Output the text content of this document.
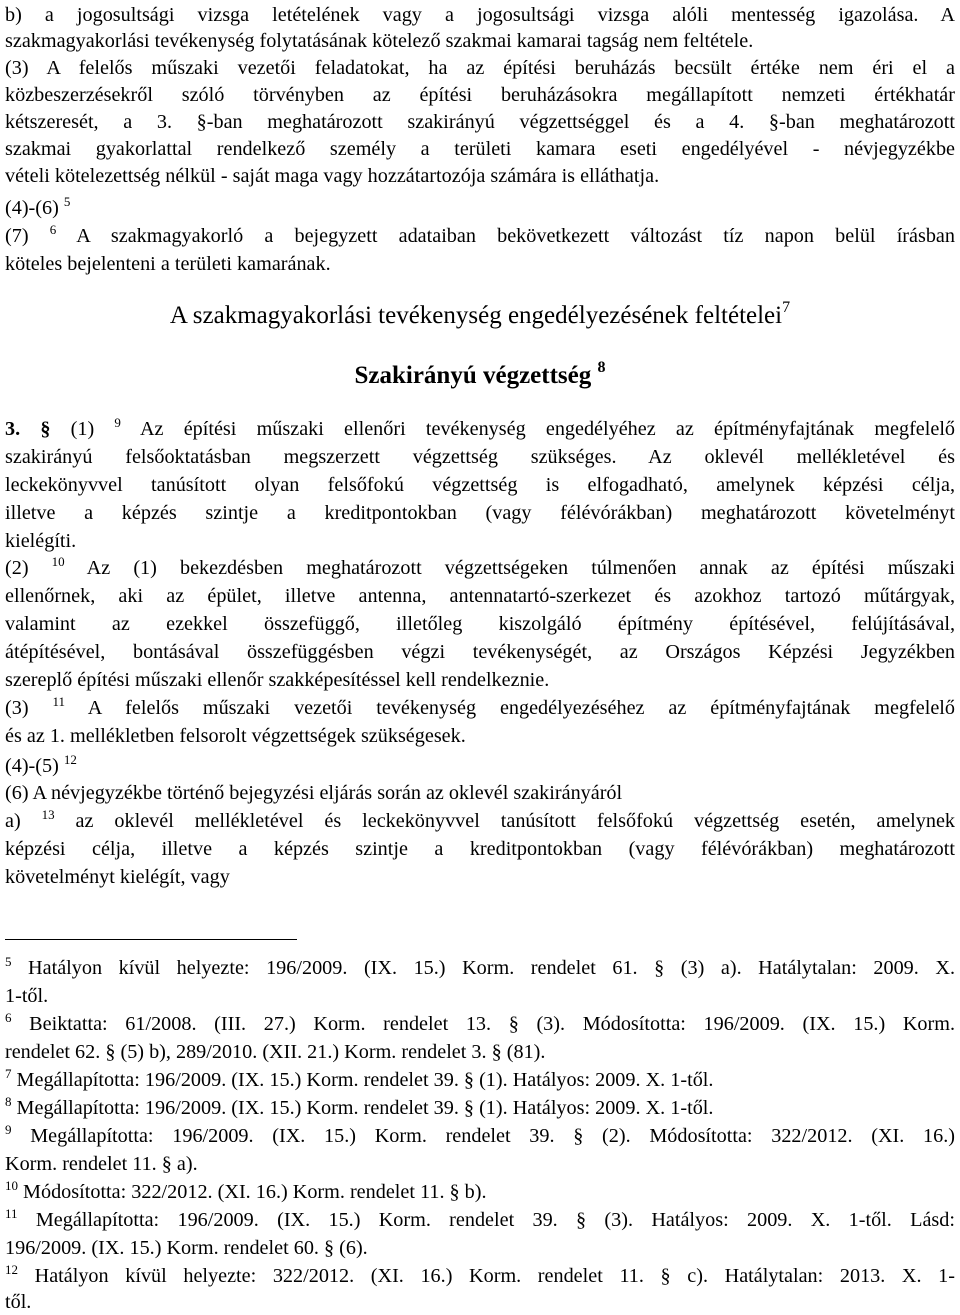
b) a jogosultsági vizsga letételének vagy a jogosultsági vizsga alóli mentesség igazolása. A
szakmagyakorlási tevékenység folytatásának kötelező szakmai kamarai tagság nem feltétele.
(3) A felelős műszaki vezetői feladatokat, ha az építési beruházás becsült értéke nem éri el a
közbeszerzésekről szóló törvényben az építési beruházásokra megállapított nemzeti értékhatár
kétszeresét, a 3. §-ban meghatározott szakirányú végzettséggel és a 4. §-ban meghatározott
szakmai gyakorlattal rendelkező személy a területi kamara eseti engedélyével - névjegyzékbe
vételi kötelezettség nélkül - saját maga vagy hozzátartozója számára is elláthatja.
(4)-(6) $^5$
(7) $^6$ A szakmagyakorló a bejegyzett adataiban bekövetkezett változást tíz napon belül írásban
köteles bejelenteni a területi kamarának.
A szakmagyakorlási tevékenység engedélyezésének feltételei$^7$
Szakirányú végzettség $^8$
3. § (1) $^9$ Az építési műszaki ellenőri tevékenység engedélyéhez az építményfajtának megfelelő
szakirányú felsőoktatásban megszerzett végzettség szükséges. Az oklevél mellékletével és
leckekönyvvel tanúsított olyan felsőfokú végzettség is elfogadható, amelynek képzési célja,
illetve a képzés szintje a kreditpontokban (vagy félévórákban) meghatározott követelményt
kielégíti.
(2) $^{10}$ Az (1) bekezdésben meghatározott végzettségeken túlmenően annak az építési műszaki
ellenőrnek, aki az épület, illetve antenna, antennatartó-szerkezet és azokhoz tartozó műtárgyak,
valamint az ezekkel összefüggő, illetőleg kiszolgáló építmény építésével, felújításával,
átépítésével, bontásával összefüggésben végzi tevékenységét, az Országos Képzési Jegyzékben
szereplő építési műszaki ellenőr szakképesítéssel kell rendelkeznie.
(3) $^{11}$ A felelős műszaki vezetői tevékenység engedélyezéséhez az építményfajtának megfelelő
és az 1. mellékletben felsorolt végzettségek szükségesek.
(4)-(5) $^{12}$
(6) A névjegyzékbe történő bejegyzési eljárás során az oklevél szakirányáról
a) $^{13}$ az oklevél mellékletével és leckekönyvvel tanúsított felsőfokú végzettség esetén, amelynek
képzési célja, illetve a képzés szintje a kreditpontokban (vagy félévórákban) meghatározott
követelményt kielégít, vagy
$^5$ Hatályon kívül helyezte: 196/2009. (IX. 15.) Korm. rendelet 61. § (3) a). Hatálytalan: 2009. X.
1-től.
$^6$ Beiktatta: 61/2008. (III. 27.) Korm. rendelet 13. § (3). Módosította: 196/2009. (IX. 15.) Korm.
rendelet 62. § (5) b), 289/2010. (XII. 21.) Korm. rendelet 3. § (81).
$^7$ Megállapította: 196/2009. (IX. 15.) Korm. rendelet 39. § (1). Hatályos: 2009. X. 1-től.
$^8$ Megállapította: 196/2009. (IX. 15.) Korm. rendelet 39. § (1). Hatályos: 2009. X. 1-től.
$^9$ Megállapította: 196/2009. (IX. 15.) Korm. rendelet 39. § (2). Módosította: 322/2012. (XI. 16.)
Korm. rendelet 11. § a).
$^{10}$ Módosította: 322/2012. (XI. 16.) Korm. rendelet 11. § b).
$^{11}$ Megállapította: 196/2009. (IX. 15.) Korm. rendelet 39. § (3). Hatályos: 2009. X. 1-től. Lásd:
196/2009. (IX. 15.) Korm. rendelet 60. § (6).
$^{12}$ Hatályon kívül helyezte: 322/2012. (XI. 16.) Korm. rendelet 11. § c). Hatálytalan: 2013. X. 1-
től.
